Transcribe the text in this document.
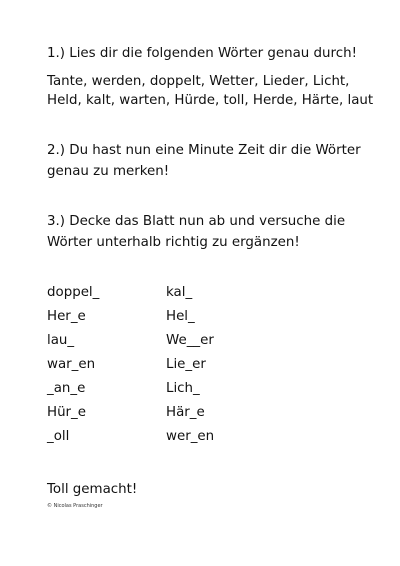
1.) Lies dir die folgenden Wörter genau durch!
Tante, werden, doppelt, Wetter, Lieder, Licht,
Held, kalt, warten, Hürde, toll, Herde, Härte, laut
2.) Du hast nun eine Minute Zeit dir die Wörter
genau zu merken!
3.) Decke das Blatt nun ab und versuche die
Wörter unterhalb richtig zu ergänzen!
doppel_	kal_
Her_e	Hel_
lau_	We__er
war_en	Lie_er
_an_e	Lich_
Hür_e	Här_e
_oll	wer_en
Toll gemacht!
© Nicolas Praschinger
